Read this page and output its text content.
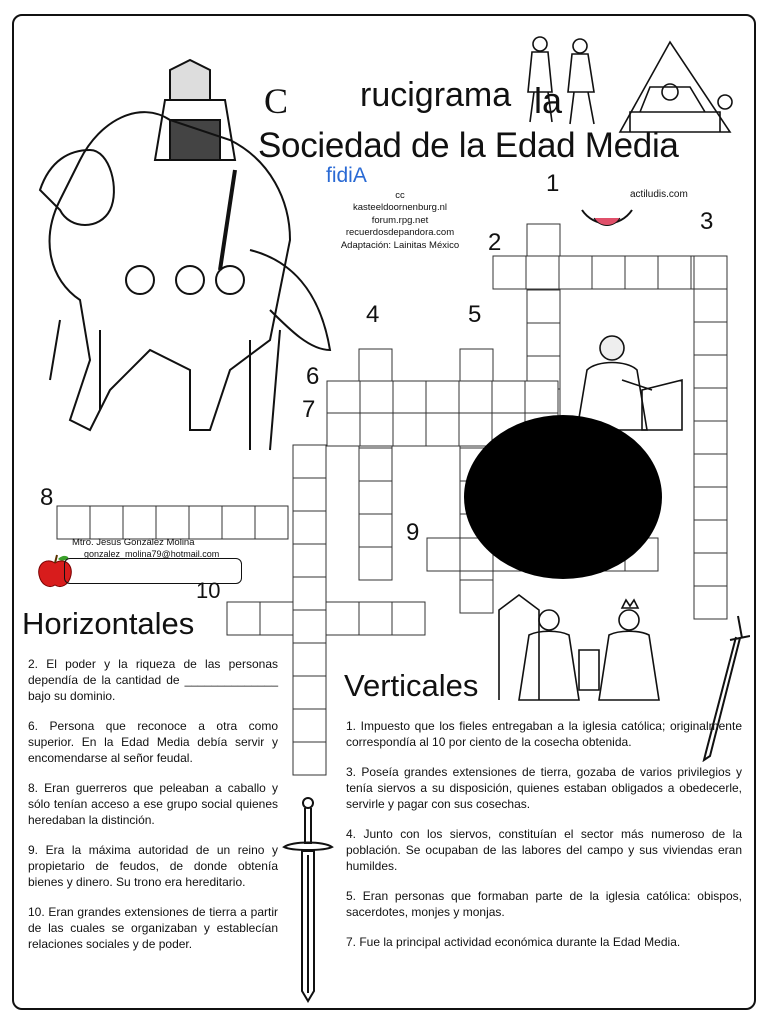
C rucigrama la
Sociedad de la Edad Media
fidiA
cc
kasteeldoornenburg.nl
forum.rpg.net
recuerdosdepandora.com
Adaptación: Lainitas México
actiludis.com
1
2
3
4	5
6
7
8
9
10
Mtro. Jesus González Molina
gonzalez_molina79@hotmail.com
Horizontales
Verticales

2. El poder y la riqueza de las personas dependía de la cantidad de ______________ bajo su dominio.

6. Persona que reconoce a otra como superior. En la Edad Media debía servir y encomendarse al señor feudal.

8. Eran guerreros que peleaban a caballo y sólo tenían acceso a ese grupo social quienes heredaban la distinción.

9. Era la máxima autoridad de un reino y propietario de feudos, de donde obtenía bienes y dinero. Su trono era hereditario.

10. Eran grandes extensiones de tierra a partir de las cuales se organizaban y establecían relaciones sociales y de poder.

1. Impuesto que los fieles entregaban a la iglesia católica; originalmente correspondía al 10 por ciento de la cosecha obtenida.

3. Poseía grandes extensiones de tierra, gozaba de varios privilegios y tenía siervos a su disposición, quienes estaban obligados a obedecerle, servirle y pagar con sus cosechas.

4. Junto con los siervos, constituían el sector más numeroso de la población. Se ocupaban de las labores del campo y sus viviendas eran humildes.

5. Eran personas que formaban parte de la iglesia católica: obispos, sacerdotes, monjes y monjas.

7. Fue la principal actividad económica durante la Edad Media.
